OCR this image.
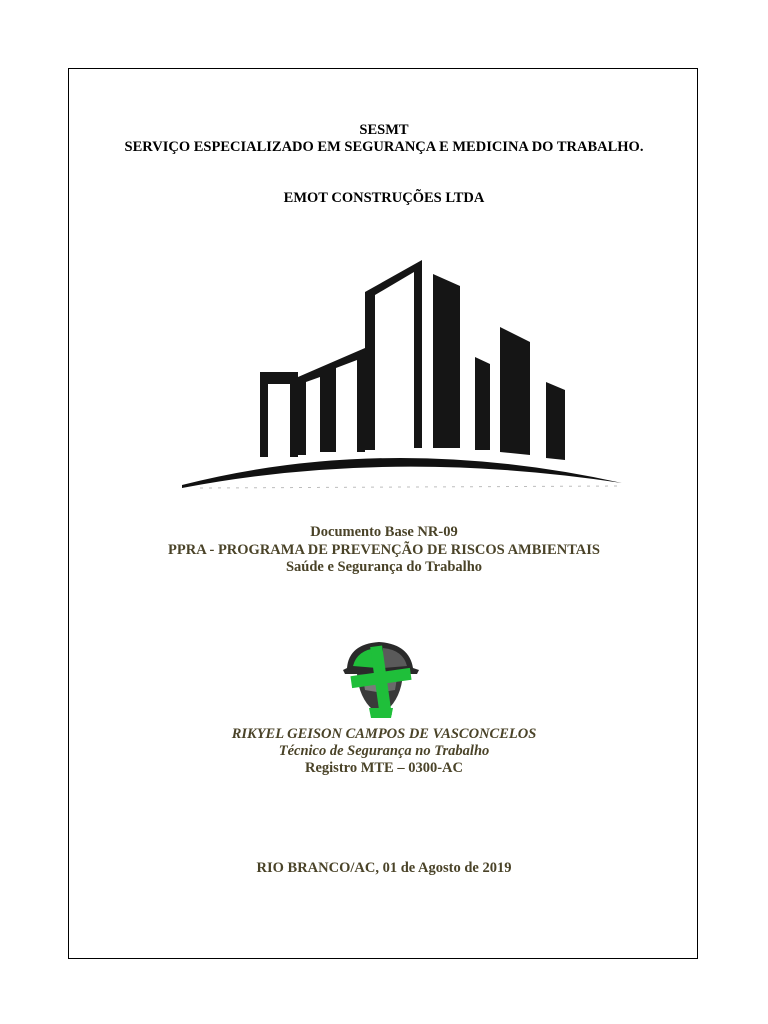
SESMT
SERVIÇO ESPECIALIZADO EM SEGURANÇA E MEDICINA DO TRABALHO.
EMOT CONSTRUÇÕES LTDA
Documento Base NR-09
PPRA - PROGRAMA DE PREVENÇÃO DE RISCOS AMBIENTAIS
Saúde e Segurança do Trabalho
RIKYEL GEISON CAMPOS DE VASCONCELOS
Técnico de Segurança no Trabalho
Registro MTE – 0300-AC
RIO BRANCO/AC, 01 de Agosto de 2019
